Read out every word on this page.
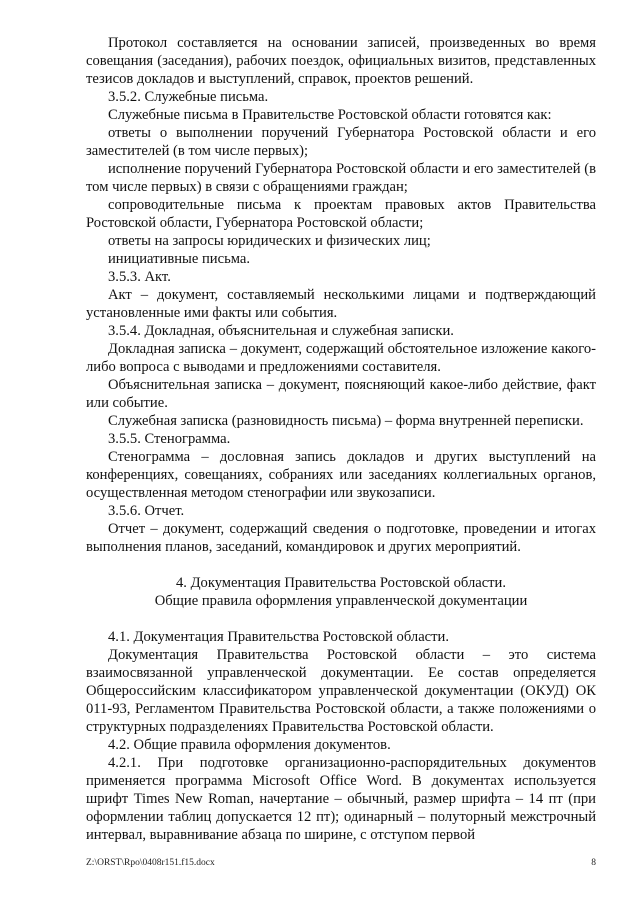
Протокол составляется на основании записей, произведенных во время совещания (заседания), рабочих поездок, официальных визитов, представленных тезисов докладов и выступлений, справок, проектов решений.

3.5.2. Служебные письма.

Служебные письма в Правительстве Ростовской области готовятся как:

ответы о выполнении поручений Губернатора Ростовской области и его заместителей (в том числе первых);

исполнение поручений Губернатора Ростовской области и его заместителей (в том числе первых) в связи с обращениями граждан;

сопроводительные письма к проектам правовых актов Правительства Ростовской области, Губернатора Ростовской области;

ответы на запросы юридических и физических лиц;

инициативные письма.

3.5.3. Акт.

Акт – документ, составляемый несколькими лицами и подтверждающий установленные ими факты или события.

3.5.4. Докладная, объяснительная и служебная записки.

Докладная записка – документ, содержащий обстоятельное изложение какого-либо вопроса с выводами и предложениями составителя.

Объяснительная записка – документ, поясняющий какое-либо действие, факт или событие.

Служебная записка (разновидность письма) – форма внутренней переписки.

3.5.5. Стенограмма.

Стенограмма – дословная запись докладов и других выступлений на конференциях, совещаниях, собраниях или заседаниях коллегиальных органов, осуществленная методом стенографии или звукозаписи.

3.5.6. Отчет.

Отчет – документ, содержащий сведения о подготовке, проведении и итогах выполнения планов, заседаний, командировок и других мероприятий.

4. Документация Правительства Ростовской области.
Общие правила оформления управленческой документации

4.1. Документация Правительства Ростовской области.

Документация Правительства Ростовской области – это система взаимосвязанной управленческой документации. Ее состав определяется Общероссийским классификатором управленческой документации (ОКУД) ОК 011-93, Регламентом Правительства Ростовской области, а также положениями о структурных подразделениях Правительства Ростовской области.

4.2. Общие правила оформления документов.

4.2.1. При подготовке организационно-распорядительных документов применяется программа Microsoft Office Word. В документах используется шрифт Times New Roman, начертание – обычный, размер шрифта – 14 пт (при оформлении таблиц допускается 12 пт); одинарный – полуторный межстрочный интервал, выравнивание абзаца по ширине, с отступом первой

Z:\ORST\Rpo\0408r151.f15.docx	8
